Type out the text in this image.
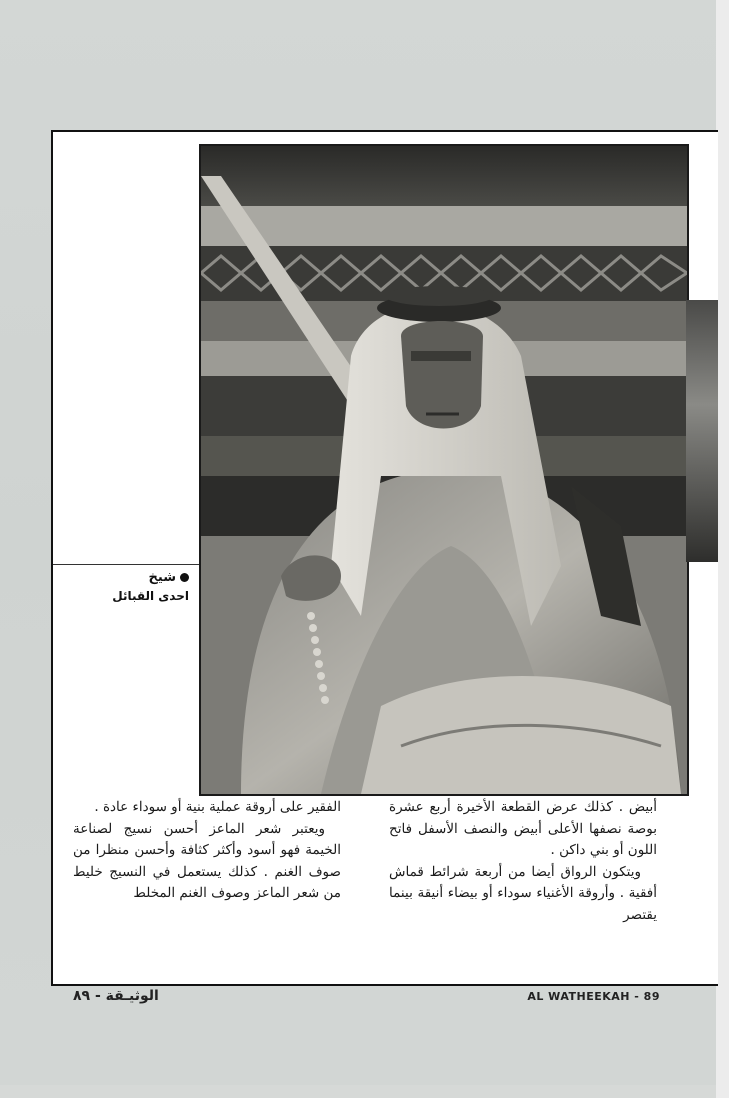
شيخ
احدى القبائل

أبيض . كذلك عرض القطعة الأخيرة أربع عشرة بوصة نصفها الأعلى أبيض والنصف الأسفل فاتح اللون أو بني داكن .

ويتكون الرواق أيضا من أربعة شرائط قماش أفقية . وأروقة الأغنياء سوداء أو بيضاء أنيقة بينما يقتصر

الفقير على أروقة عملية بنية أو سوداء عادة .

ويعتبر شعر الماعز أحسن نسيج لصناعة الخيمة فهو أسود وأكثر كثافة وأحسن منظرا من صوف الغنم . كذلك يستعمل في النسيج خليط من شعر الماعز وصوف الغنم المخلط

الوثيـقة - ٨٩	AL WATHEEKAH - 89
